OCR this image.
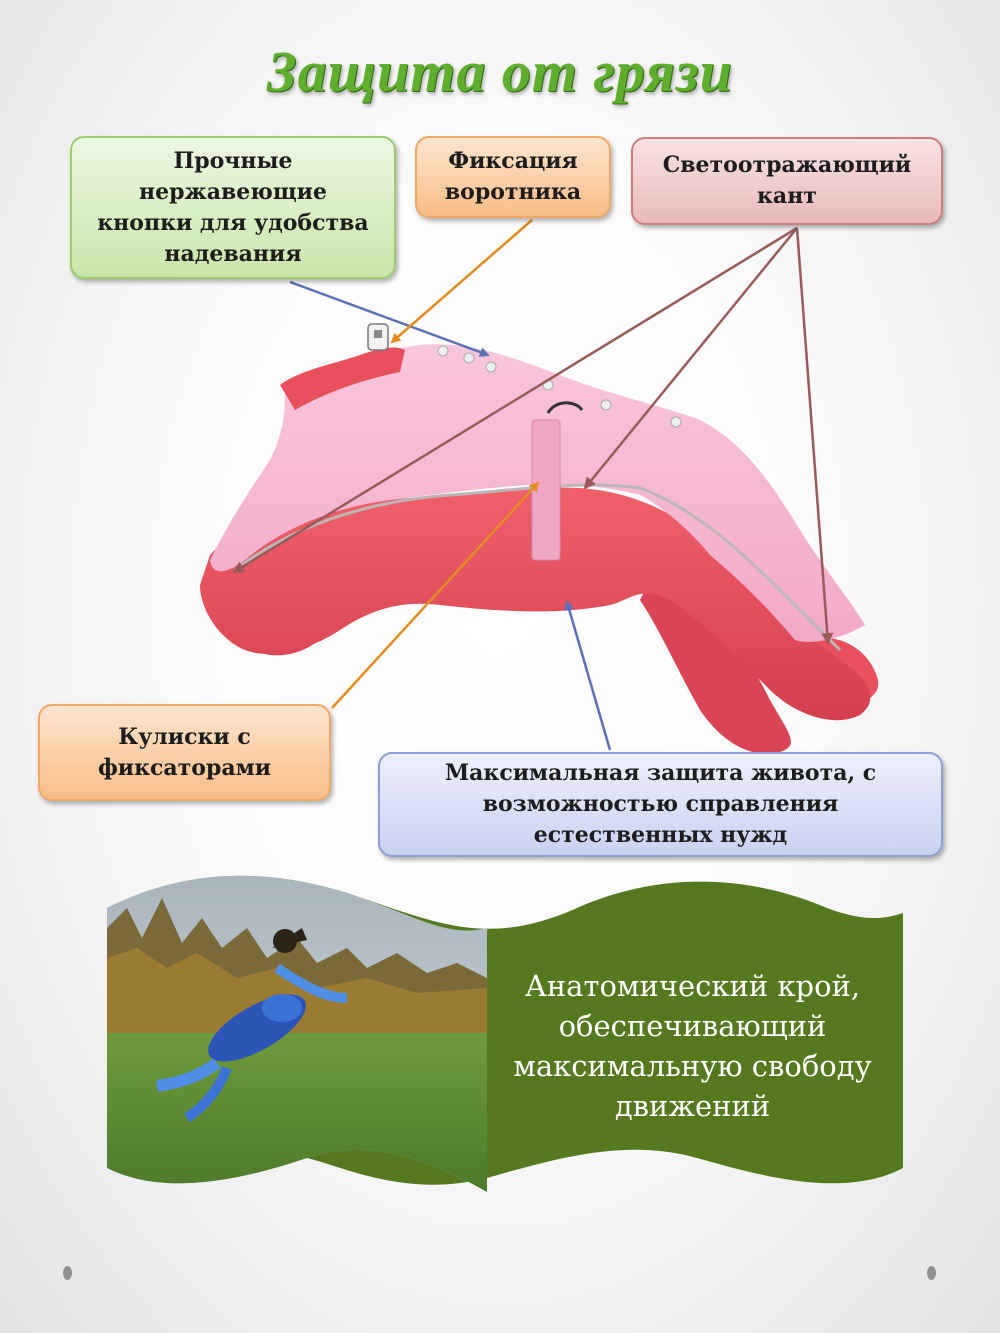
Защита от грязи
Прочные
нержавеющие
кнопки для удобства
надевания
Фиксация
воротника
Светоотражающий
кант
Кулиски с
фиксаторами	Максимальная защита живота, с
возможностью справления
естественных нужд
Анатомический крой,
обеспечивающий
максимальную свободу
движений
